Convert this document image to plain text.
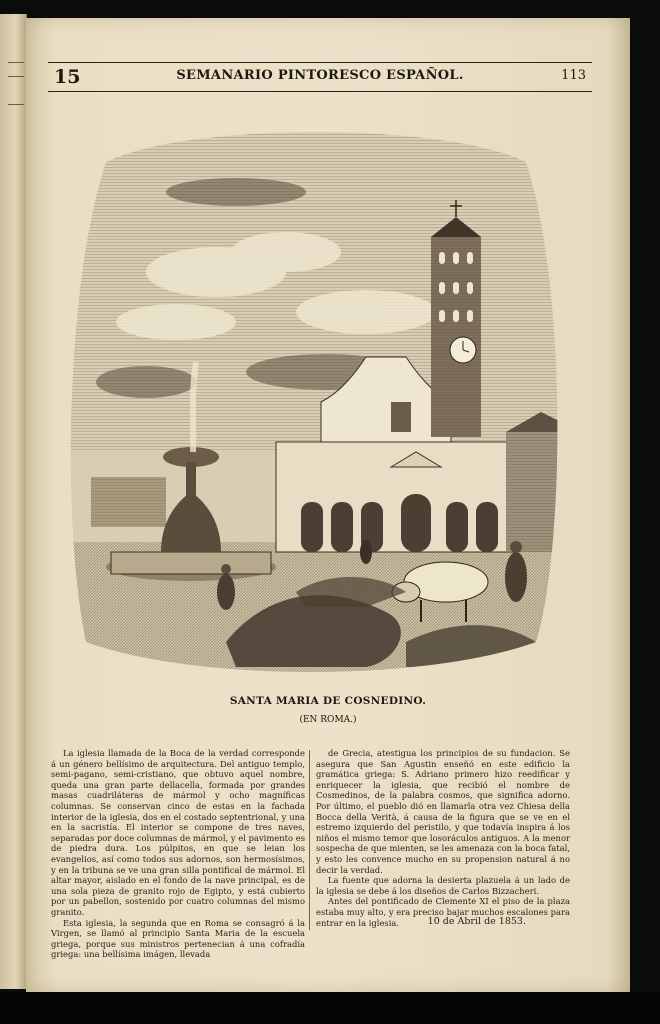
15	SEMANARIO PINTORESCO ESPAÑOL.	113
SANTA MARIA DE COSNEDINO.
(EN ROMA.)

La iglesia llamada de la Boca de la verdad corresponde á un género bellísimo de arquitectura. Del antiguo templo, semi-pagano, semi-cristiano, que obtuvo aquel nombre, queda una gran parte dellacella, formada por grandes masas cuadriláteras de mármol y ocho magníficas columnas. Se conservan cinco de estas en la fachada interior de la iglesia, dos en el costado septentrional, y una en la sacristía. El interior se compone de tres naves, separadas por doce columnas de mármol, y el pavimento es de piedra dura. Los púlpitos, en que se leian los evangelios, así como todos sus adornos, son hermosísimos, y en la tribuna se ve una gran silla pontifical de mármol. El altar mayor, aislado en el fondo de la nave principal, es de una sola pieza de granito rojo de Egipto, y está cubierto por un pabellon, sostenido por cuatro columnas del mismo granito.

Esta iglesia, la segunda que en Roma se consagró á la Virgen, se llamó al principio Santa Maria de la escuela griega, porque sus ministros pertenecian á una cofradía griega: una bellísima imágen, llevada

de Grecia, atestigua los principios de su fundacion. Se asegura que San Agustin enseñó en este edificio la gramática griega: S. Adriano primero hizo reedificar y enriquecer la iglesia, que recibió el nombre de Cosmedinos, de la palabra cosmos, que significa adorno. Por último, el pueblo dió en llamarla otra vez Chiesa della Bocca della Verità, á causa de la figura que se ve en el estremo izquierdo del peristilo, y que todavía inspira á los niños el mismo temor que losoráculos antiguos. A la menor sospecha de que mienten, se les amenaza con la boca fatal, y esto les convence mucho en su propension natural á no decir la verdad.

La fuente que adorna la desierta plazuela á un lado de la iglesia se debe á los diseños de Carlos Bizzacheri.

Antes del pontificado de Clemente XI el piso de la plaza estaba muy alto, y era preciso bajar muchos escalones para entrar en la iglesia.	10 de Abril de 1853.
